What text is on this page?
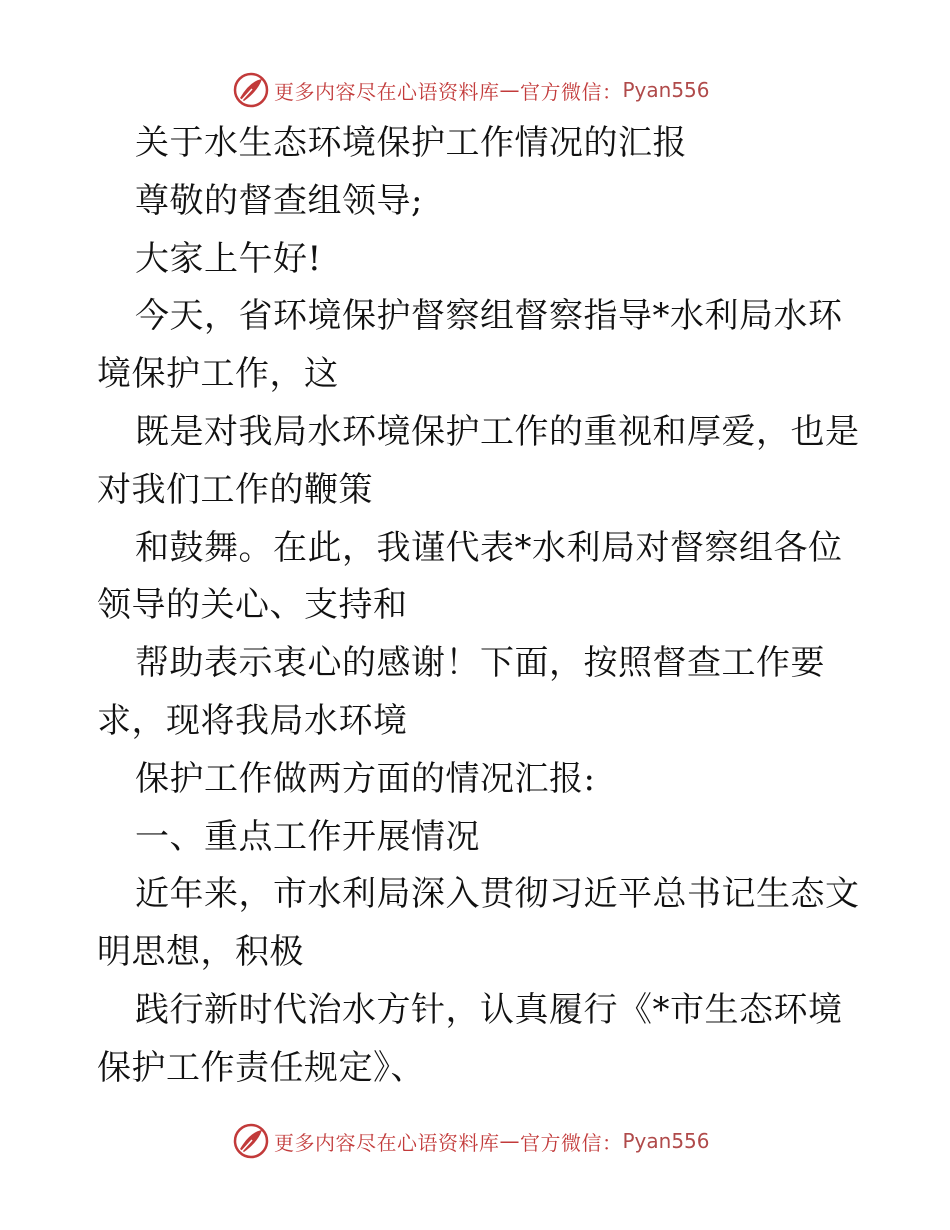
更多内容尽在心语资料库 — 官方微信： Pyan556
关于水生态环境保护工作情况的汇报
尊敬的督查组领导;
大家上午好!
今天，省环境保护督察组督察指导*水利局水环
境保护工作，这
既是对我局水环境保护工作的重视和厚爱，也是
对我们工作的鞭策
和鼓舞。在此，我谨代表*水利局对督察组各位
领导的关心、支持和
帮助表示衷心的感谢！下面，按照督查工作要
求，现将我局水环境
保护工作做两方面的情况汇报:
一、重点工作开展情况
近年来，市水利局深入贯彻习近平总书记生态文
明思想，积极
践行新时代治水方针，认真履行《*市生态环境
保护工作责任规定》、
更多内容尽在心语资料库 — 官方微信： Pyan556
